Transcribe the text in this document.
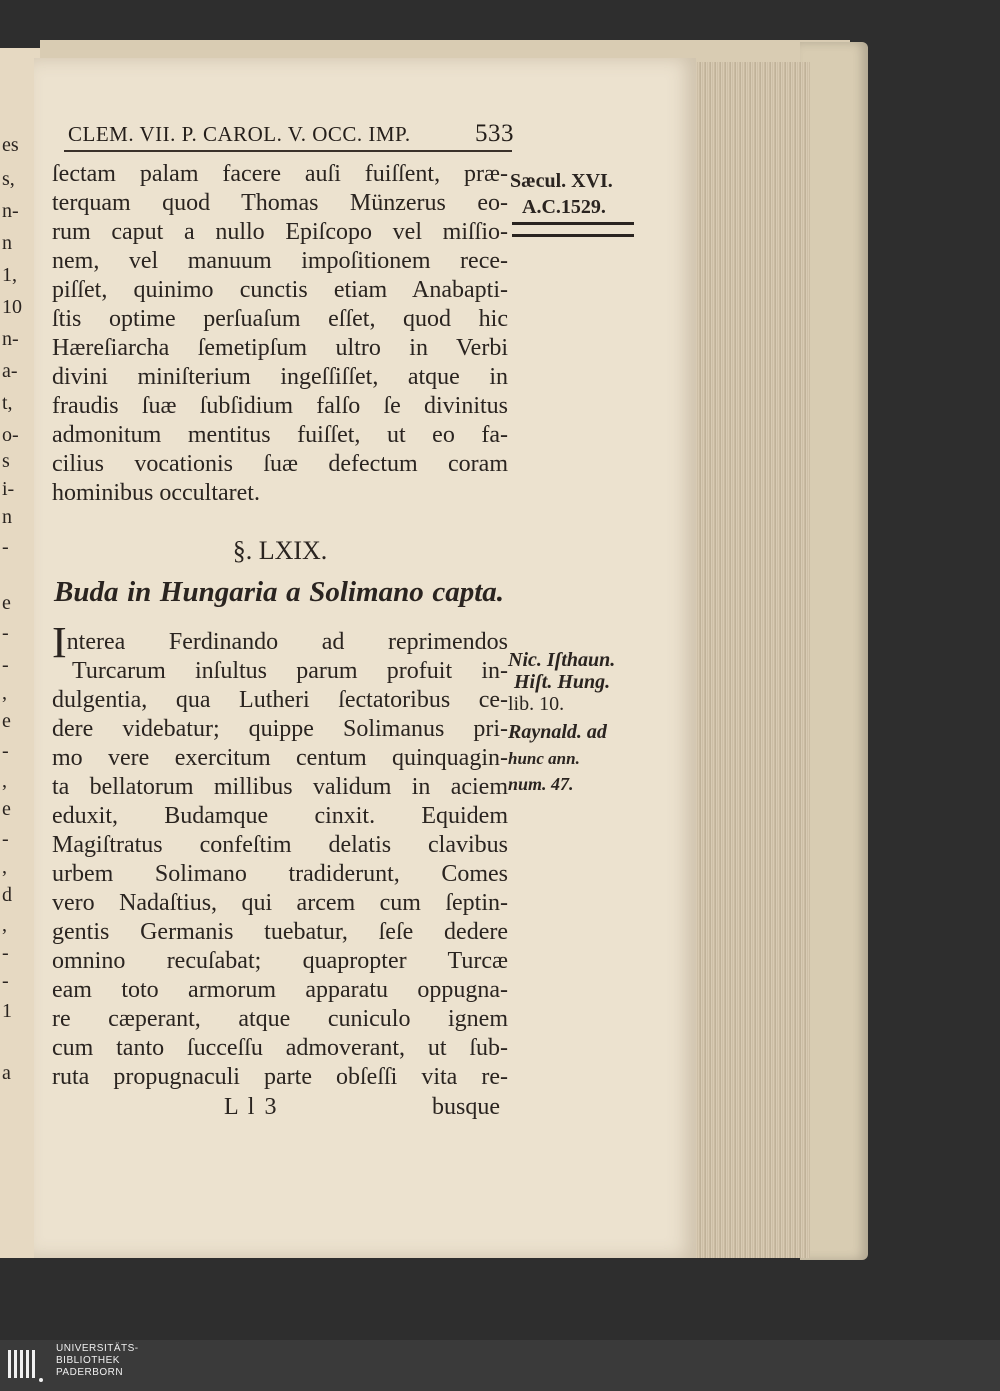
es
s,
n-
n
1,
10
n-
a-
t,
o-
s
i-
n
-
e
-
-
,
e
-
,
e
-
,
d
,
-
-
1
a
CLEM. VII. P. CAROL. V. OCC. IMP.	533
Sæcul. XVI.
A.C.1529.
ſectam palam facere auſi fuiſſent, præ-
terquam quod Thomas Münzerus eo-
rum caput a nullo Epiſcopo vel miſſio-
nem, vel manuum impoſitionem rece-
piſſet, quinimo cunctis etiam Anabapti-
ſtis optime perſuaſum eſſet, quod hic
Hæreſiarcha ſemetipſum ultro in Verbi
divini miniſterium ingeſſiſſet, atque in
fraudis ſuæ ſubſidium falſo ſe divinitus
admonitum mentitus fuiſſet, ut eo fa-
cilius vocationis ſuæ defectum coram
hominibus occultaret.
§. LXIX.
Buda in Hungaria a Solimano capta.
Interea Ferdinando ad reprimendos
Turcarum inſultus parum profuit in-
dulgentia, qua Lutheri ſectatoribus ce-
dere videbatur; quippe Solimanus pri-
mo vere exercitum centum quinquagin-
ta bellatorum millibus validum in aciem
eduxit, Budamque cinxit. Equidem
Magiſtratus confeſtim delatis clavibus
urbem Solimano tradiderunt, Comes
vero Nadaſtius, qui arcem cum ſeptin-
gentis Germanis tuebatur, ſeſe dedere
omnino recuſabat; quapropter Turcæ
eam toto armorum apparatu oppugna-
re cæperant, atque cuniculo ignem
cum tanto ſucceſſu admoverant, ut ſub-
ruta propugnaculi parte obſeſſi vita re-
Nic. Iſthaun.
Hiſt. Hung.
lib. 10.
Raynald. ad
hunc ann.
num. 47.
L l 3	busque
UNIVERSITÄTS-
BIBLIOTHEK
PADERBORN
